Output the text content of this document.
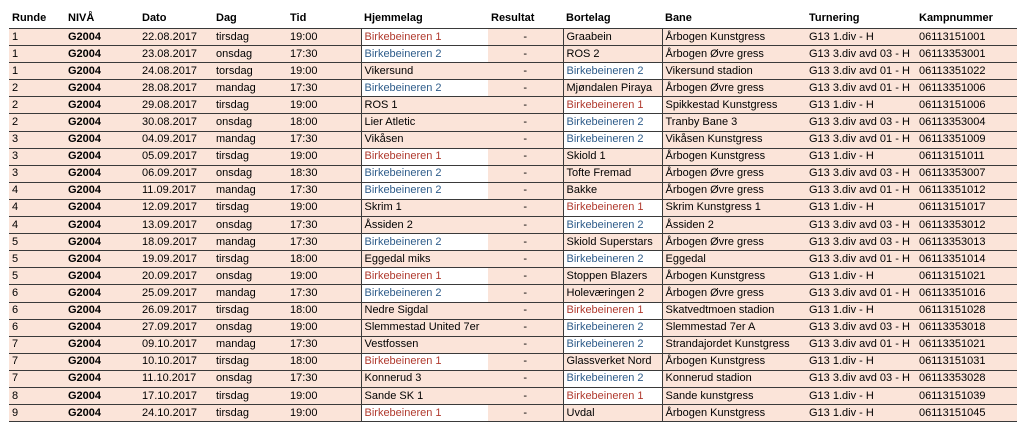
Runde	NIVÅ	Dato	Dag	Tid	Hjemmelag	Resultat	Bortelag	Bane	Turnering	Kampnummer
1	G2004	22.08.2017	tirsdag	19:00	Birkebeineren 1	-	Graabein	Årbogen Kunstgress	G13 1.div - H	06113151001
1	G2004	23.08.2017	onsdag	17:30	Birkebeineren 2	-	ROS 2	Årbogen Øvre gress	G13 3.div avd 03 - H	06113353001
1	G2004	24.08.2017	torsdag	19:00	Vikersund	-	Birkebeineren 2	Vikersund stadion	G13 3.div avd 01 - H	06113351022
2	G2004	28.08.2017	mandag	17:30	Birkebeineren 2	-	Mjøndalen Piraya	Årbogen Øvre gress	G13 3.div avd 01 - H	06113351006
2	G2004	29.08.2017	tirsdag	19:00	ROS 1	-	Birkebeineren 1	Spikkestad Kunstgress	G13 1.div - H	06113151006
2	G2004	30.08.2017	onsdag	18:00	Lier Atletic	-	Birkebeineren 2	Tranby Bane 3	G13 3.div avd 03 - H	06113353004
3	G2004	04.09.2017	mandag	17:30	Vikåsen	-	Birkebeineren 2	Vikåsen Kunstgress	G13 3.div avd 01 - H	06113351009
3	G2004	05.09.2017	tirsdag	19:00	Birkebeineren 1	-	Skiold 1	Årbogen Kunstgress	G13 1.div - H	06113151011
3	G2004	06.09.2017	onsdag	18:30	Birkebeineren 2	-	Tofte Fremad	Årbogen Øvre gress	G13 3.div avd 03 - H	06113353007
4	G2004	11.09.2017	mandag	17:30	Birkebeineren 2	-	Bakke	Årbogen Øvre gress	G13 3.div avd 01 - H	06113351012
4	G2004	12.09.2017	tirsdag	19:00	Skrim 1	-	Birkebeineren 1	Skrim Kunstgress 1	G13 1.div - H	06113151017
4	G2004	13.09.2017	onsdag	17:30	Åssiden 2	-	Birkebeineren 2	Åssiden 2	G13 3.div avd 03 - H	06113353012
5	G2004	18.09.2017	mandag	17:30	Birkebeineren 2	-	Skiold Superstars	Årbogen Øvre gress	G13 3.div avd 03 - H	06113353013
5	G2004	19.09.2017	tirsdag	18:00	Eggedal miks	-	Birkebeineren 2	Eggedal	G13 3.div avd 01 - H	06113351014
5	G2004	20.09.2017	onsdag	19:00	Birkebeineren 1	-	Stoppen Blazers	Årbogen Kunstgress	G13 1.div - H	06113151021
6	G2004	25.09.2017	mandag	17:30	Birkebeineren 2	-	Holeværingen 2	Årbogen Øvre gress	G13 3.div avd 01 - H	06113351016
6	G2004	26.09.2017	tirsdag	18:00	Nedre Sigdal	-	Birkebeineren 1	Skatvedtmoen stadion	G13 1.div - H	06113151028
6	G2004	27.09.2017	onsdag	19:00	Slemmestad United 7er	-	Birkebeineren 2	Slemmestad 7er A	G13 3.div avd 03 - H	06113353018
7	G2004	09.10.2017	mandag	17:30	Vestfossen	-	Birkebeineren 2	Strandajordet Kunstgress	G13 3.div avd 01 - H	06113351021
7	G2004	10.10.2017	tirsdag	18:00	Birkebeineren 1	-	Glassverket Nord	Årbogen Kunstgress	G13 1.div - H	06113151031
7	G2004	11.10.2017	onsdag	17:30	Konnerud 3	-	Birkebeineren 2	Konnerud stadion	G13 3.div avd 03 - H	06113353028
8	G2004	17.10.2017	tirsdag	19:00	Sande SK 1	-	Birkebeineren 1	Sande kunstgress	G13 1.div - H	06113151039
9	G2004	24.10.2017	tirsdag	19:00	Birkebeineren 1	-	Uvdal	Årbogen Kunstgress	G13 1.div - H	06113151045
